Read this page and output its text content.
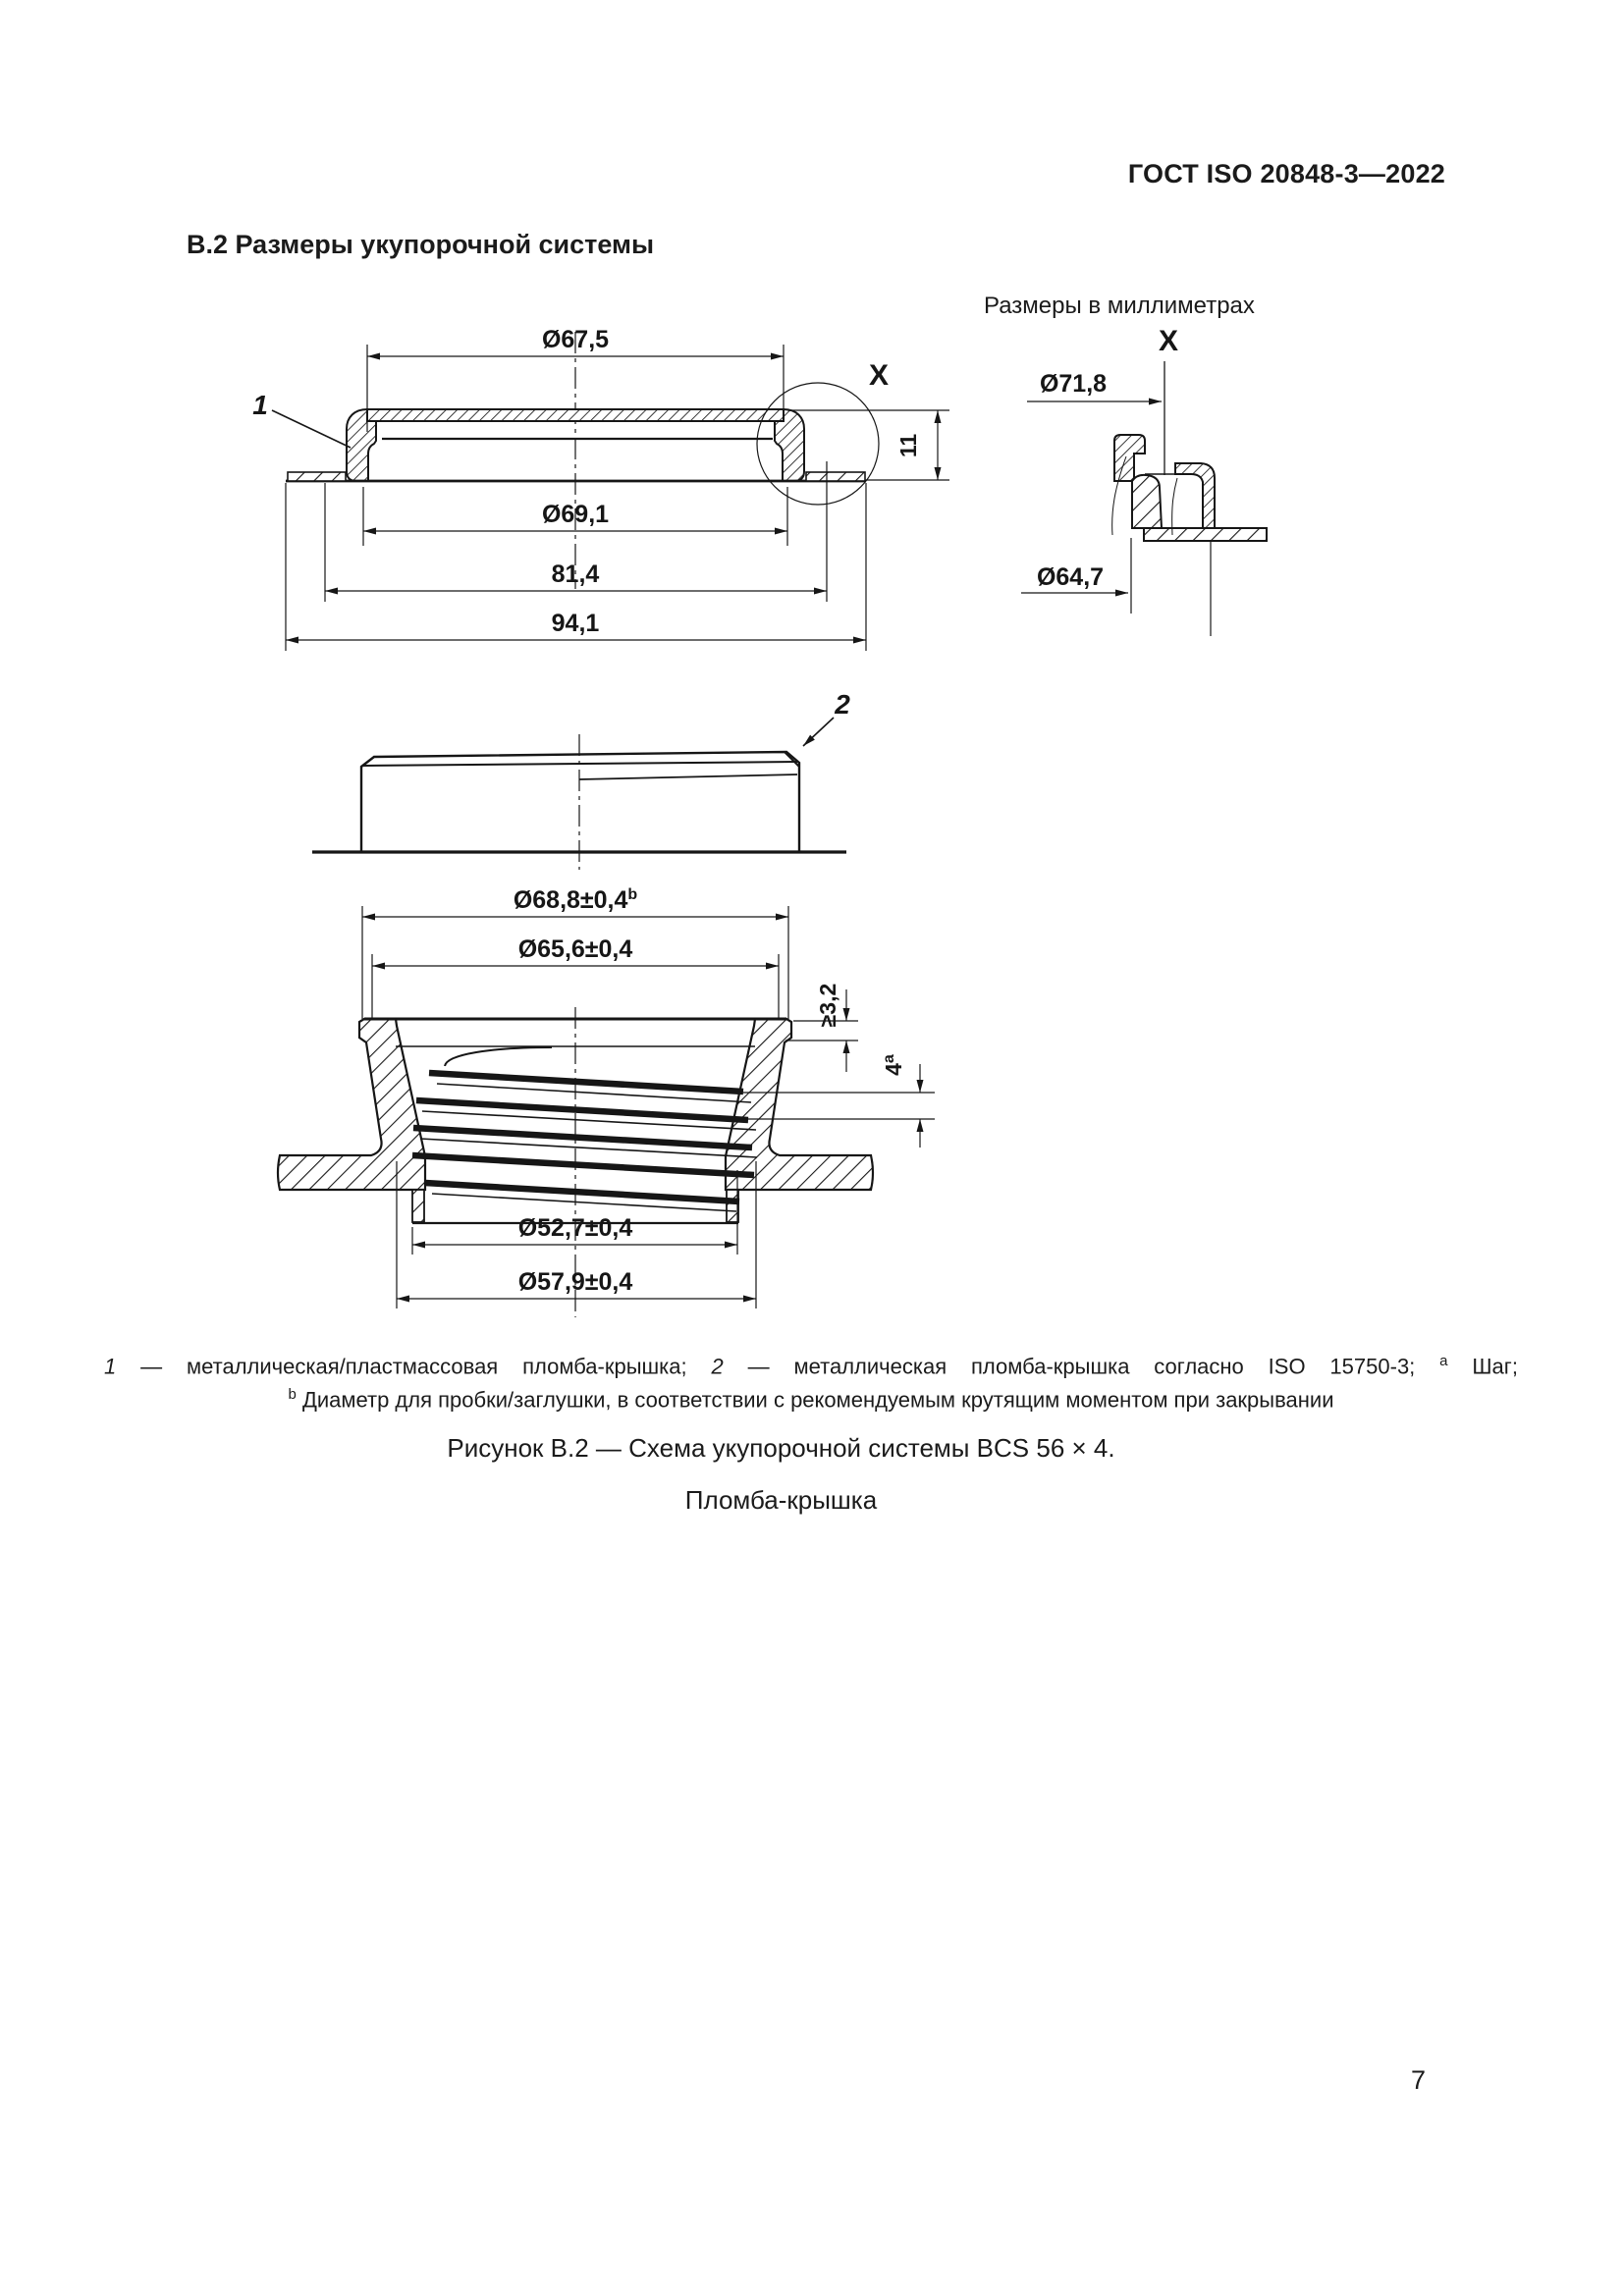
ГОСТ ISO 20848-3—2022
В.2 Размеры укупорочной системы
Размеры в миллиметрах
1
X
Ø67,5
11
Ø69,1
81,4
94,1
X
Ø71,8
Ø64,7
2
Ø68,8±0,4$^b$
Ø65,6±0,4
≥3,2
4$^a$
Ø52,7±0,4
Ø57,9±0,4
1 — металлическая/пластмассовая пломба-крышка; 2 — металлическая пломба-крышка согласно ISO 15750-3; $^a$ Шаг;
$^b$ Диаметр для пробки/заглушки, в соответствии с рекомендуемым крутящим моментом при закрывании
Рисунок В.2 — Схема укупорочной системы BCS 56 × 4.
Пломба-крышка
7
